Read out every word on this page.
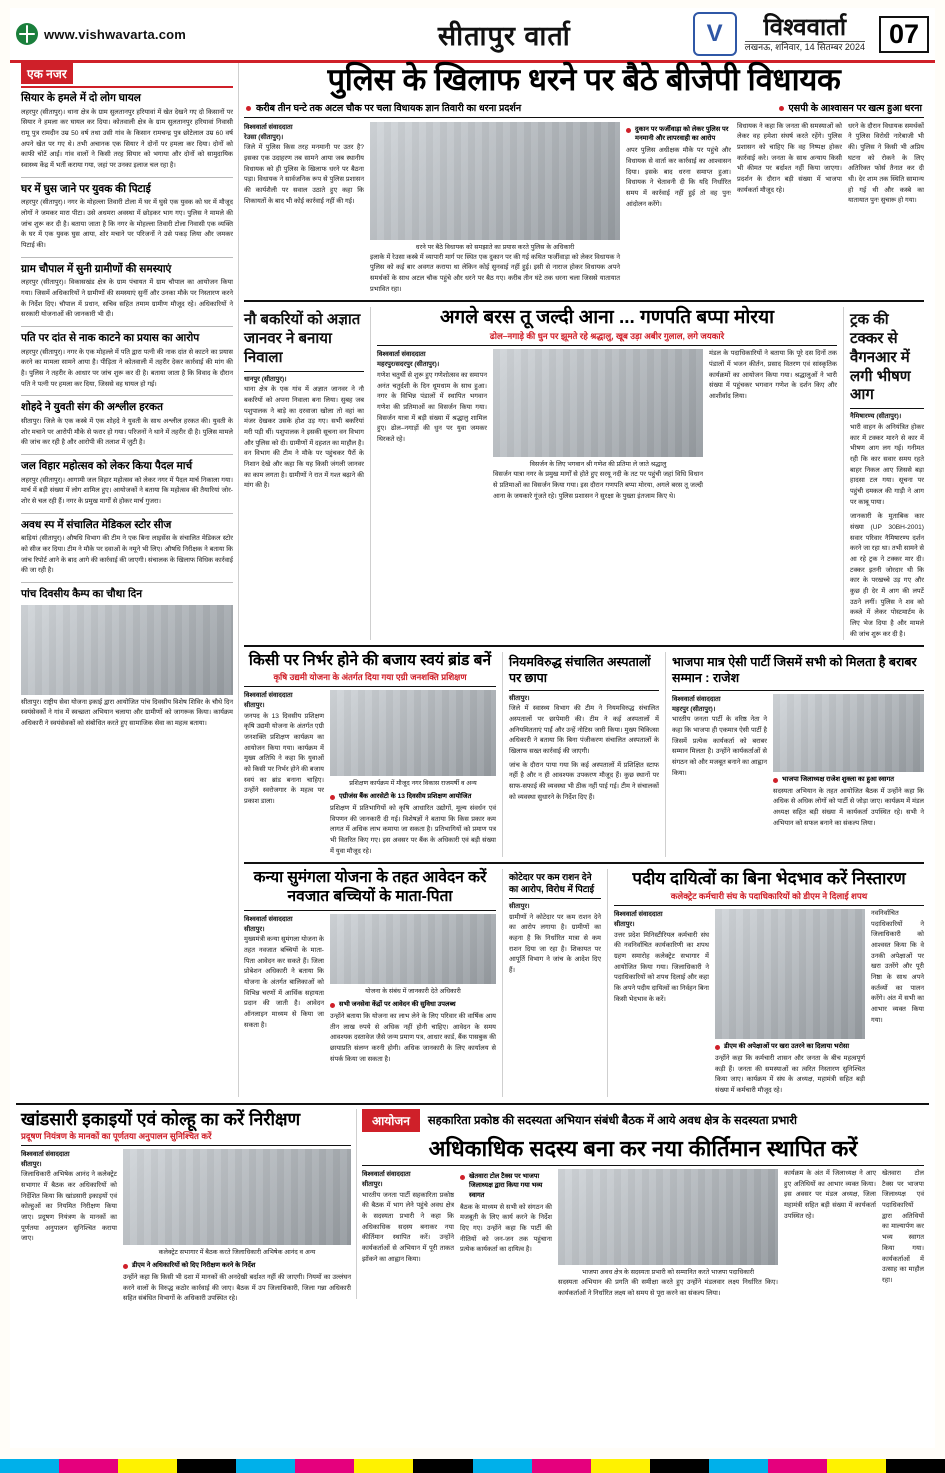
www.vishwavarta.com	सीतापुर वार्ता	V	विश्ववार्ता
लखनऊ, शनिवार, 14 सितम्बर 2024 07
एक नजर
सियार के हमले में दो लोग घायल
लहरपुर (सीतापुर)। थाना क्षेत्र के ग्राम सुलतानपुर हरियावां में खेत देखने गए दो किसानों पर सियार ने हमला कर घायल कर दिया। कोतवाली क्षेत्र के ग्राम सुलतानपुर हरियावां निवासी रामू पुत्र रामदीन उम्र 50 वर्ष तथा उसी गांव के किसान रामचन्द्र पुत्र छोटेलाल उम्र 60 वर्ष अपने खेत पर गए थे। तभी अचानक एक सियार ने दोनों पर हमला कर दिया। दोनों को काफी चोटें आईं। गांव वालों ने किसी तरह सियार को भगाया और दोनों को सामुदायिक स्वास्थ्य केंद्र में भर्ती कराया गया, जहां पर उनका इलाज चल रहा है।
घर में घुस जाने पर युवक की पिटाई
लहरपुर (सीतापुर)। नगर के मोहल्ला तिवारी टोला में घर में घुसे एक युवक को घर में मौजूद लोगों ने जमकर मारा पीटा। उसे अधमरा अवस्था में छोड़कर भाग गए। पुलिस ने मामले की जांच शुरू कर दी है। बताया जाता है कि नगर के मोहल्ला तिवारी टोला निवासी एक व्यक्ति के घर में एक युवक घुस आया, शोर मचाने पर परिजनों ने उसे पकड़ लिया और जमकर पिटाई की।
ग्राम चौपाल में सुनी ग्रामीणों की समस्याएं
लहरपुर (सीतापुर)। विकासखंड क्षेत्र के ग्राम पंचायत में ग्राम चौपाल का आयोजन किया गया। जिसमें अधिकारियों ने ग्रामीणों की समस्याएं सुनीं और उनका मौके पर निस्तारण करने के निर्देश दिए। चौपाल में प्रधान, सचिव सहित तमाम ग्रामीण मौजूद रहे। अधिकारियों ने सरकारी योजनाओं की जानकारी भी दी।
पति पर दांत से नाक काटने का प्रयास का आरोप
लहरपुर (सीतापुर)। नगर के एक मोहल्ले में पति द्वारा पत्नी की नाक दांत से काटने का प्रयास करने का मामला सामने आया है। पीड़िता ने कोतवाली में तहरीर देकर कार्रवाई की मांग की है। पुलिस ने तहरीर के आधार पर जांच शुरू कर दी है। बताया जाता है कि विवाद के दौरान पति ने पत्नी पर हमला कर दिया, जिससे वह घायल हो गई।
शोहदे ने युवती संग की अश्लील हरकत
सीतापुर। जिले के एक कस्बे में एक शोहदे ने युवती के साथ अश्लील हरकत की। युवती के शोर मचाने पर आरोपी मौके से फरार हो गया। परिजनों ने थाने में तहरीर दी है। पुलिस मामले की जांच कर रही है और आरोपी की तलाश में जुटी है।
जल विहार महोत्सव को लेकर किया पैदल मार्च
लहरपुर (सीतापुर)। आगामी जल विहार महोत्सव को लेकर नगर में पैदल मार्च निकाला गया। मार्च में बड़ी संख्या में लोग शामिल हुए। आयोजकों ने बताया कि महोत्सव की तैयारियां जोर-शोर से चल रही हैं। नगर के प्रमुख मार्गों से होकर मार्च गुजरा।
अवध स्प में संचालित मेडिकल स्टोर सीज
बाड़ियां (सीतापुर)। औषधि विभाग की टीम ने एक बिना लाइसेंस के संचालित मेडिकल स्टोर को सीज कर दिया। टीम ने मौके पर दवाओं के नमूने भी लिए। औषधि निरीक्षक ने बताया कि जांच रिपोर्ट आने के बाद आगे की कार्रवाई की जाएगी। संचालक के खिलाफ विधिक कार्रवाई की जा रही है।
पांच दिवसीय कैम्प का चौथा दिन
सीतापुर। राष्ट्रीय सेवा योजना इकाई द्वारा आयोजित पांच दिवसीय विशेष शिविर के चौथे दिन स्वयंसेवकों ने गांव में स्वच्छता अभियान चलाया और ग्रामीणों को जागरूक किया। कार्यक्रम अधिकारी ने स्वयंसेवकों को संबोधित करते हुए सामाजिक सेवा का महत्व बताया।
पुलिस के खिलाफ धरने पर बैठे बीजेपी विधायक
करीब तीन घन्टे तक अटल चौक पर चला विधायक ज्ञान तिवारी का धरना प्रदर्शन	एसपी के आश्वासन पर खत्म हुआ धरना
विश्ववार्ता संवाददाता
रेउसा (सीतापुर)।
जिले में पुलिस किस तरह मनमानी पर उतर है? इसका एक उदाहरण तब सामने आया जब स्थानीय विधायक को ही पुलिस के खिलाफ धरने पर बैठना पड़ा। विधायक ने सार्वजनिक रूप से पुलिस प्रशासन की कार्यशैली पर सवाल उठाते हुए कहा कि शिकायतों के बाद भी कोई कार्रवाई नहीं की गई।
धरने पर बैठे विधायक को समझाते का प्रयास करते पुलिस के अधिकारी
इलाके में रेउसा कस्बे में व्यापारी मार्ग पर स्थित एक दुकान पर की गई कथित फर्जीवाड़ा को लेकर विधायक ने पुलिस को कई बार अवगत कराया था लेकिन कोई सुनवाई नहीं हुई। इसी से नाराज होकर विधायक अपने समर्थकों के साथ अटल चौक पहुंचे और धरने पर बैठ गए। करीब तीन घंटे तक धरना चला जिससे यातायात प्रभावित रहा।
दुकान पर फर्जीवाड़ा को लेकर पुलिस पर मनमानी और लापरवाही का आरोप
अपर पुलिस अधीक्षक मौके पर पहुंचे और विधायक से वार्ता कर कार्रवाई का आश्वासन दिया। इसके बाद धरना समाप्त हुआ। विधायक ने चेतावनी दी कि यदि निर्धारित समय में कार्रवाई नहीं हुई तो वह पुनः आंदोलन करेंगे।
विधायक ने कहा कि जनता की समस्याओं को लेकर वह हमेशा संघर्ष करते रहेंगे। पुलिस प्रशासन को चाहिए कि वह निष्पक्ष होकर कार्रवाई करे। जनता के साथ अन्याय किसी भी कीमत पर बर्दाश्त नहीं किया जाएगा। प्रदर्शन के दौरान बड़ी संख्या में भाजपा कार्यकर्ता मौजूद रहे।
धरने के दौरान विधायक समर्थकों ने पुलिस विरोधी नारेबाजी भी की। पुलिस ने किसी भी अप्रिय घटना को रोकने के लिए अतिरिक्त फोर्स तैनात कर दी थी। देर शाम तक स्थिति सामान्य हो गई थी और कस्बे का यातायात पुनः सुचारू हो गया।
नौ बकरियों को अज्ञात जानवर ने बनाया निवाला
धानपुर (सीतापुर)।
थाना क्षेत्र के एक गांव में अज्ञात जानवर ने नौ बकरियों को अपना निवाला बना लिया। सुबह जब पशुपालक ने बाड़े का दरवाजा खोला तो वहां का मंजर देखकर उसके होश उड़ गए। सभी बकरियां मरी पड़ी थीं। पशुपालक ने इसकी सूचना वन विभाग और पुलिस को दी। ग्रामीणों में दहशत का माहौल है। वन विभाग की टीम ने मौके पर पहुंचकर पैरों के निशान देखे और कहा कि यह किसी जंगली जानवर का काम लगता है। ग्रामीणों ने रात में गश्त बढ़ाने की मांग की है।
अगले बरस तू जल्दी आना ... गणपति बप्पा मोरया
ढोल–नगाड़े की धुन पर झूमते रहे श्रद्धालु, खूब उड़ा अबीर गुलाल, लगे जयकारे
विश्ववार्ता संवाददाता
महरपुर/सदरपुर (सीतापुर)।
गणेश चतुर्थी से शुरू हुए गणेशोत्सव का समापन अनंत चतुर्दशी के दिन धूमधाम के साथ हुआ। नगर के विभिन्न पंडालों में स्थापित भगवान गणेश की प्रतिमाओं का विसर्जन किया गया। विसर्जन यात्रा में बड़ी संख्या में श्रद्धालु शामिल हुए। ढोल–नगाड़ों की धुन पर युवा जमकर थिरकते रहे।
विसर्जन के लिए भगवान श्री गणेश की प्रतिमा ले जाते श्रद्धालु
विसर्जन यात्रा नगर के प्रमुख मार्गों से होते हुए सरयू नदी के तट पर पहुंची जहां विधि विधान से प्रतिमाओं का विसर्जन किया गया। इस दौरान गणपति बप्पा मोरया, अगले बरस तू जल्दी आना के जयकारे गूंजते रहे। पुलिस प्रशासन ने सुरक्षा के पुख्ता इंतजाम किए थे।
मंडल के पदाधिकारियों ने बताया कि पूरे दस दिनों तक पंडालों में भजन कीर्तन, प्रसाद वितरण एवं सांस्कृतिक कार्यक्रमों का आयोजन किया गया। श्रद्धालुओं ने भारी संख्या में पहुंचकर भगवान गणेश के दर्शन किए और आशीर्वाद लिया।
ट्रक की टक्कर से वैगनआर में लगी भीषण आग
नैमिषारण्य (सीतापुर)।
भारी वाहन के अनियंत्रित होकर कार में टक्कर मारने से कार में भीषण आग लग गई। गनीमत रही कि कार सवार समय रहते बाहर निकल आए जिससे बड़ा हादसा टल गया। सूचना पर पहुंची दमकल की गाड़ी ने आग पर काबू पाया।
जानकारी के मुताबिक कार संख्या (UP 30BH-2001) सवार परिवार नैमिषारण्य दर्शन करने जा रहा था। तभी सामने से आ रहे ट्रक ने टक्कर मार दी। टक्कर इतनी जोरदार थी कि कार के परखच्चे उड़ गए और कुछ ही देर में आग की लपटें उठने लगीं। पुलिस ने शव को कब्जे में लेकर पोस्टमार्टम के लिए भेज दिया है और मामले की जांच शुरू कर दी है।
किसी पर निर्भर होने की बजाय स्वयं ब्रांड बनें
कृषि उद्यमी योजना के अंतर्गत दिया गया एग्री जनशक्ति प्रशिक्षण
विश्ववार्ता संवाददाता
सीतापुर।
जनपद के 13 दिवसीय प्रशिक्षण कृषि उद्यमी योजना के अंतर्गत एग्री जनशक्ति प्रशिक्षण कार्यक्रम का आयोजन किया गया। कार्यक्रम में मुख्य अतिथि ने कहा कि युवाओं को किसी पर निर्भर होने की बजाय स्वयं का ब्रांड बनाना चाहिए। उन्होंने स्वरोजगार के महत्व पर प्रकाश डाला।
प्रशिक्षण कार्यक्रम में मौजूद नगर विकास राजमर्षी व अन्य
एग्रीजंस बैंक आरसेटी के 13 दिवसीय प्रशिक्षण आयोजित
प्रशिक्षण में प्रतिभागियों को कृषि आधारित उद्योगों, मूल्य संवर्धन एवं विपणन की जानकारी दी गई। विशेषज्ञों ने बताया कि किस प्रकार कम लागत में अधिक लाभ कमाया जा सकता है। प्रतिभागियों को प्रमाण पत्र भी वितरित किए गए। इस अवसर पर बैंक के अधिकारी एवं बड़ी संख्या में युवा मौजूद रहे।
नियमविरुद्ध संचालित अस्पतालों पर छापा
सीतापुर।
जिले में स्वास्थ्य विभाग की टीम ने नियमविरुद्ध संचालित अस्पतालों पर छापेमारी की। टीम ने कई अस्पतालों में अनियमितताएं पाईं और उन्हें नोटिस जारी किया। मुख्य चिकित्सा अधिकारी ने बताया कि बिना पंजीकरण संचालित अस्पतालों के खिलाफ सख्त कार्रवाई की जाएगी।
जांच के दौरान पाया गया कि कई अस्पतालों में प्रशिक्षित स्टाफ नहीं है और न ही आवश्यक उपकरण मौजूद हैं। कुछ स्थानों पर साफ-सफाई की व्यवस्था भी ठीक नहीं पाई गई। टीम ने संचालकों को व्यवस्था सुधारने के निर्देश दिए हैं।
भाजपा मात्र ऐसी पार्टी जिसमें सभी को मिलता है बराबर सम्मान : राजेश
विश्ववार्ता संवाददाता
महरपुर (सीतापुर)।
भारतीय जनता पार्टी के वरिष्ठ नेता ने कहा कि भाजपा ही एकमात्र ऐसी पार्टी है जिसमें प्रत्येक कार्यकर्ता को बराबर सम्मान मिलता है। उन्होंने कार्यकर्ताओं से संगठन को और मजबूत बनाने का आह्वान किया।
भाजपा जिलाध्यक्ष राजेश शुक्ला का हुआ स्वागत
सदस्यता अभियान के तहत आयोजित बैठक में उन्होंने कहा कि अधिक से अधिक लोगों को पार्टी से जोड़ा जाए। कार्यक्रम में मंडल अध्यक्ष सहित बड़ी संख्या में कार्यकर्ता उपस्थित रहे। सभी ने अभियान को सफल बनाने का संकल्प लिया।
कन्या सुमंगला योजना के तहत आवेदन करें नवजात बच्चियों के माता-पिता
विश्ववार्ता संवाददाता
सीतापुर।
मुख्यमंत्री कन्या सुमंगला योजना के तहत नवजात बच्चियों के माता-पिता आवेदन कर सकते हैं। जिला प्रोबेशन अधिकारी ने बताया कि योजना के अंतर्गत बालिकाओं को विभिन्न चरणों में आर्थिक सहायता प्रदान की जाती है। आवेदन ऑनलाइन माध्यम से किया जा सकता है।
योजना के संबंध में जानकारी देते अधिकारी
सभी जनसेवा केंद्रों पर आवेदन की सुविधा उपलब्ध
उन्होंने बताया कि योजना का लाभ लेने के लिए परिवार की वार्षिक आय तीन लाख रुपये से अधिक नहीं होनी चाहिए। आवेदन के समय आवश्यक दस्तावेज जैसे जन्म प्रमाण पत्र, आधार कार्ड, बैंक पासबुक की छायाप्रति संलग्न करनी होगी। अधिक जानकारी के लिए कार्यालय से संपर्क किया जा सकता है।
कोटेदार पर कम राशन देने का आरोप, विरोध में पिटाई
सीतापुर।
ग्रामीणों ने कोटेदार पर कम राशन देने का आरोप लगाया है। ग्रामीणों का कहना है कि निर्धारित मात्रा से कम राशन दिया जा रहा है। शिकायत पर आपूर्ति विभाग ने जांच के आदेश दिए हैं।
पदीय दायित्वों का बिना भेदभाव करें निस्तारण
कलेक्ट्रेट कर्मचारी संघ के पदाधिकारियों को डीएम ने दिलाई शपथ
विश्ववार्ता संवाददाता
सीतापुर।
उत्तर प्रदेश मिनिस्टीरियल कर्मचारी संघ की नवनिर्वाचित कार्यकारिणी का शपथ ग्रहण समारोह कलेक्ट्रेट सभागार में आयोजित किया गया। जिलाधिकारी ने पदाधिकारियों को शपथ दिलाई और कहा कि अपने पदीय दायित्वों का निर्वहन बिना किसी भेदभाव के करें।
डीएम की अपेक्षाओं पर खरा उतरने का दिलाया भरोसा
उन्होंने कहा कि कर्मचारी शासन और जनता के बीच महत्वपूर्ण कड़ी हैं। जनता की समस्याओं का त्वरित निस्तारण सुनिश्चित किया जाए। कार्यक्रम में संघ के अध्यक्ष, महामंत्री सहित बड़ी संख्या में कर्मचारी मौजूद रहे।
नवनिर्वाचित पदाधिकारियों ने जिलाधिकारी को आश्वस्त किया कि वे उनकी अपेक्षाओं पर खरा उतरेंगे और पूरी निष्ठा के साथ अपने कर्तव्यों का पालन करेंगे। अंत में सभी का आभार व्यक्त किया गया।
खांडसारी इकाइयों एवं कोल्हू का करें निरीक्षण
प्रदूषण नियंत्रण के मानकों का पूर्णतया अनुपालन सुनिश्चित करें
विश्ववार्ता संवाददाता
सीतापुर।
जिलाधिकारी अभिषेक आनंद ने कलेक्ट्रेट सभागार में बैठक कर अधिकारियों को निर्देशित किया कि खांडसारी इकाइयों एवं कोल्हुओं का नियमित निरीक्षण किया जाए। प्रदूषण नियंत्रण के मानकों का पूर्णतया अनुपालन सुनिश्चित कराया जाए।
कलेक्ट्रेट सभागार में बैठक करते जिलाधिकारी अभिषेक आनंद व अन्य
डीएम ने अधिकारियों को दिए निरीक्षण करने के निर्देश
उन्होंने कहा कि किसी भी दशा में मानकों की अनदेखी बर्दाश्त नहीं की जाएगी। नियमों का उल्लंघन करने वालों के विरुद्ध कठोर कार्रवाई की जाए। बैठक में उप जिलाधिकारी, जिला गन्ना अधिकारी सहित संबंधित विभागों के अधिकारी उपस्थित रहे।
आयोजन	सहकारिता प्रकोष्ठ की सदस्यता अभियान संबंधी बैठक में आये अवध क्षेत्र के सदस्यता प्रभारी
अधिकाधिक सदस्य बना कर नया कीर्तिमान स्थापित करें
विश्ववार्ता संवाददाता
सीतापुर।
भारतीय जनता पार्टी सहकारिता प्रकोष्ठ की बैठक में भाग लेने पहुंचे अवध क्षेत्र के सदस्यता प्रभारी ने कहा कि अधिकाधिक सदस्य बनाकर नया कीर्तिमान स्थापित करें। उन्होंने कार्यकर्ताओं से अभियान में पूरी ताकत झोंकने का आह्वान किया।
खेतवारा टोल टैक्स पर भाजपा जिलाध्यक्ष द्वारा किया गया भव्य स्वागत
बैठक के माध्यम से सभी को संगठन की मजबूती के लिए कार्य करने के निर्देश दिए गए। उन्होंने कहा कि पार्टी की नीतियों को जन-जन तक पहुंचाना प्रत्येक कार्यकर्ता का दायित्व है।
भाजपा अवध क्षेत्र के सदस्यता प्रभारी को सम्मानित करते भाजपा पदाधिकारी
सदस्यता अभियान की प्रगति की समीक्षा करते हुए उन्होंने मंडलवार लक्ष्य निर्धारित किए। कार्यकर्ताओं ने निर्धारित लक्ष्य को समय से पूरा करने का संकल्प लिया।
कार्यक्रम के अंत में जिलाध्यक्ष ने आए हुए अतिथियों का आभार व्यक्त किया। इस अवसर पर मंडल अध्यक्ष, जिला महामंत्री सहित बड़ी संख्या में कार्यकर्ता उपस्थित रहे।
खेतवारा टोल टैक्स पर भाजपा जिलाध्यक्ष एवं पदाधिकारियों द्वारा अतिथियों का माल्यार्पण कर भव्य स्वागत किया गया। कार्यकर्ताओं में उत्साह का माहौल रहा।
